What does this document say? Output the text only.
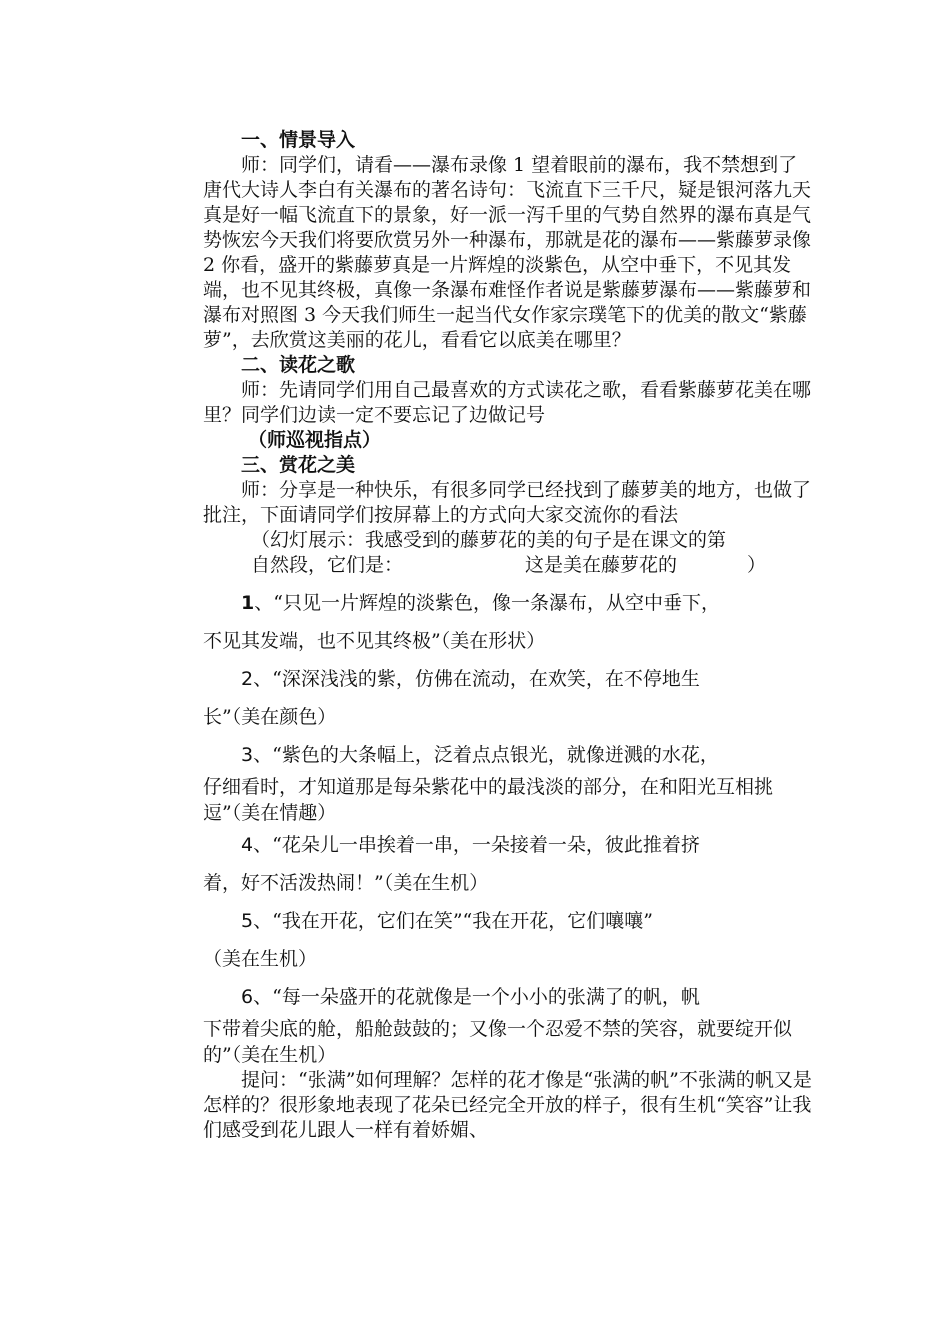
一、情景导入

师：同学们，请看——瀑布录像 1 望着眼前的瀑布，我不禁想到了唐代大诗人李白有关瀑布的著名诗句：飞流直下三千尺，疑是银河落九天真是好一幅飞流直下的景象，好一派一泻千里的气势自然界的瀑布真是气势恢宏今天我们将要欣赏另外一种瀑布，那就是花的瀑布——紫藤萝录像 2 你看，盛开的紫藤萝真是一片辉煌的淡紫色，从空中垂下，不见其发端，也不见其终极，真像一条瀑布难怪作者说是紫藤萝瀑布——紫藤萝和瀑布对照图 3 今天我们师生一起当代女作家宗璞笔下的优美的散文“紫藤萝”，去欣赏这美丽的花儿，看看它以底美在哪里？

二、读花之歌

师：先请同学们用自己最喜欢的方式读花之歌，看看紫藤萝花美在哪里？同学们边读一定不要忘记了边做记号

（师巡视指点）

三、赏花之美

师：分享是一种快乐，有很多同学已经找到了藤萝美的地方，也做了批注，下面请同学们按屏幕上的方式向大家交流你的看法

（幻灯展示：我感受到的藤萝花的美的句子是在课文的第

自然段，它们是：	这是美在藤萝花的	）

1、“只见一片辉煌的淡紫色，像一条瀑布，从空中垂下，
不见其发端，也不见其终极”（美在形状）
2、“深深浅浅的紫，仿佛在流动，在欢笑，在不停地生
长”（美在颜色）
3、“紫色的大条幅上，泛着点点银光，就像迸溅的水花，
仔细看时，才知道那是每朵紫花中的最浅淡的部分，在和阳光互相挑逗”（美在情趣）
4、“花朵儿一串挨着一串，一朵接着一朵，彼此推着挤
着，好不活泼热闹！”（美在生机）
5、“我在开花，它们在笑”“我在开花，它们嚷嚷”
（美在生机）
6、“每一朵盛开的花就像是一个小小的张满了的帆，帆
下带着尖底的舱，船舱鼓鼓的；又像一个忍爱不禁的笑容，就要绽开似的”（美在生机）

提问：“张满”如何理解？怎样的花才像是“张满的帆”不张满的帆又是怎样的？很形象地表现了花朵已经完全开放的样子，很有生机“笑容”让我们感受到花儿跟人一样有着娇媚、
